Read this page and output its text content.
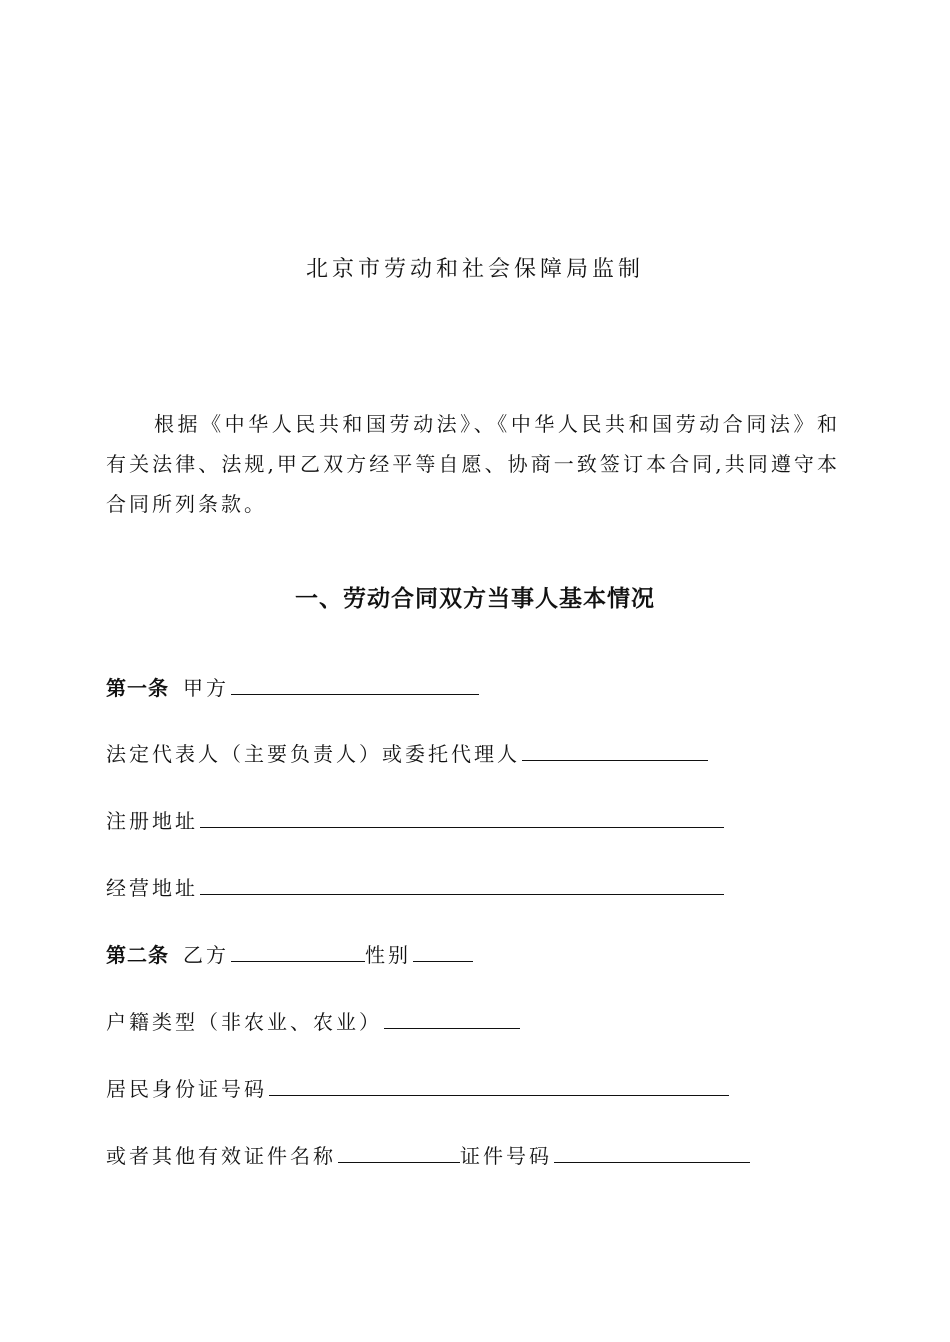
北京市劳动和社会保障局监制
根据《中华人民共和国劳动法》、《中华人民共和国劳动合同法》和有关法律、法规,甲乙双方经平等自愿、协商一致签订本合同,共同遵守本合同所列条款。
一、劳动合同双方当事人基本情况
第一条 甲方
法定代表人（主要负责人）或委托代理人
注册地址
经营地址
第二条 乙方	性别
户籍类型（非农业、农业）
居民身份证号码
或者其他有效证件名称	证件号码
